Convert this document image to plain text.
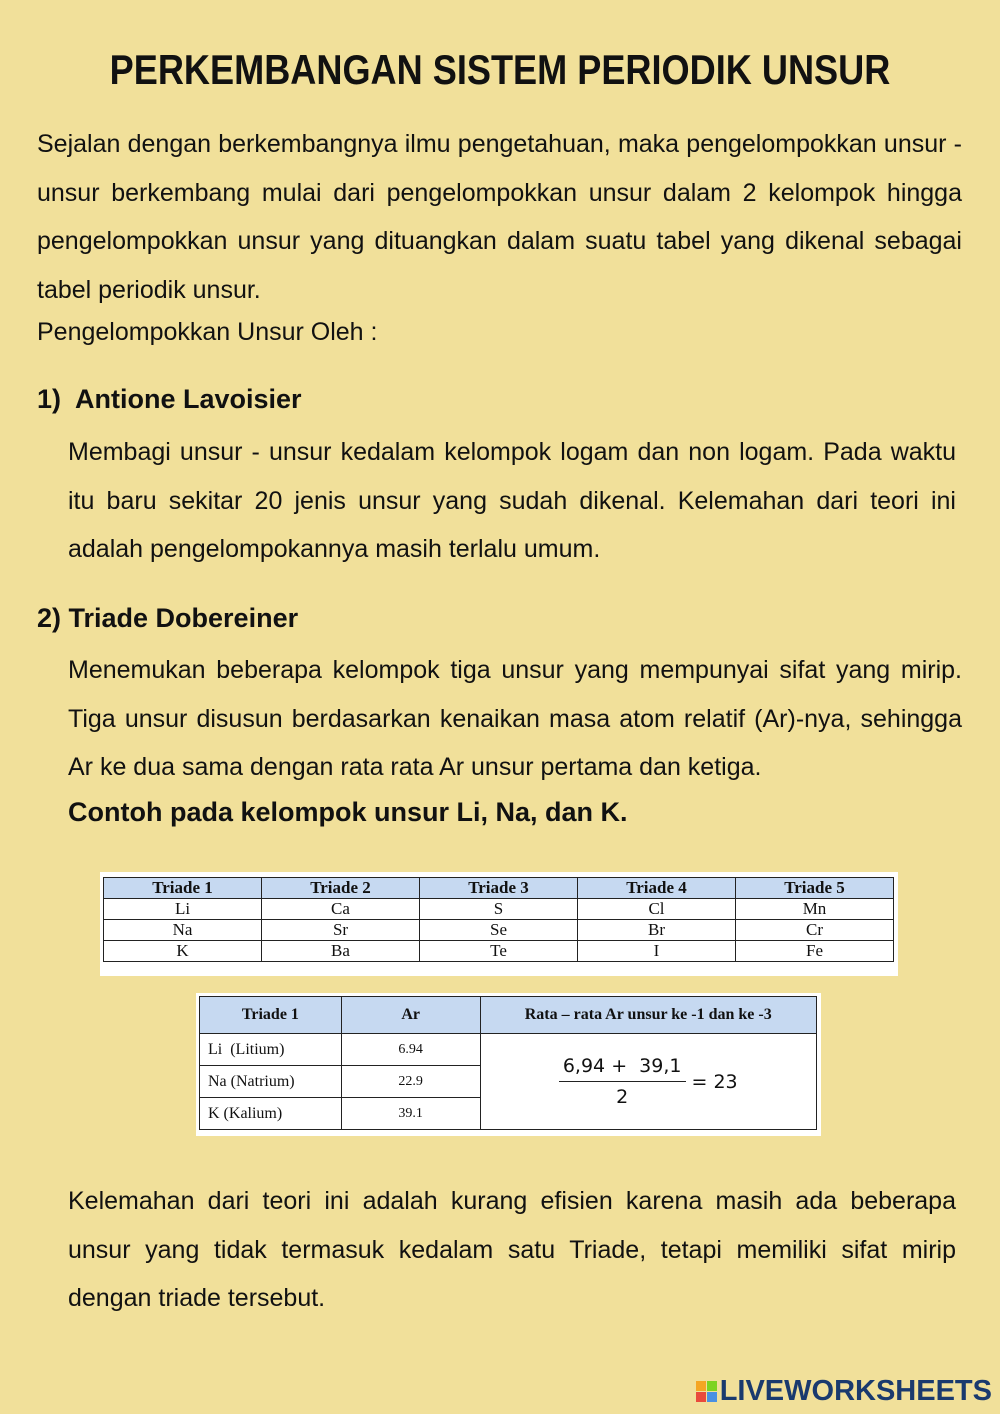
PERKEMBANGAN SISTEM PERIODIK UNSUR
Sejalan dengan berkembangnya ilmu pengetahuan, maka pengelompokkan unsur - unsur berkembang mulai dari pengelompokkan unsur dalam 2 kelompok hingga pengelompokkan unsur yang dituangkan dalam suatu tabel yang dikenal sebagai tabel periodik unsur.
Pengelompokkan Unsur Oleh :
1)  Antione Lavoisier
Membagi unsur - unsur kedalam kelompok logam dan non logam. Pada waktu itu baru sekitar 20 jenis unsur yang sudah dikenal. Kelemahan dari teori ini adalah pengelompokannya masih terlalu umum.
2) Triade Dobereiner
Menemukan beberapa kelompok tiga unsur yang mempunyai sifat yang mirip. Tiga unsur disusun berdasarkan kenaikan masa atom relatif (Ar)-nya, sehingga Ar ke dua sama dengan rata rata Ar unsur pertama dan ketiga.
Contoh pada kelompok unsur Li, Na, dan K.
Triade 1	Triade 2	Triade 3	Triade 4	Triade 5
Li	Ca	S	Cl	Mn
Na	Sr	Se	Br	Cr
K	Ba	Te	I	Fe
Triade 1	Ar	Rata – rata Ar unsur ke -1 dan ke -3
Li  (Litium)	6.94	$\frac{6,94 + 39,1}{2} = 23$

Na (Natrium)	22.9	
K (Kalium)	39.1	
Kelemahan dari teori ini adalah kurang efisien karena masih ada beberapa unsur yang tidak termasuk kedalam satu Triade, tetapi memiliki sifat mirip dengan triade tersebut.
LIVEWORKSHEETS
